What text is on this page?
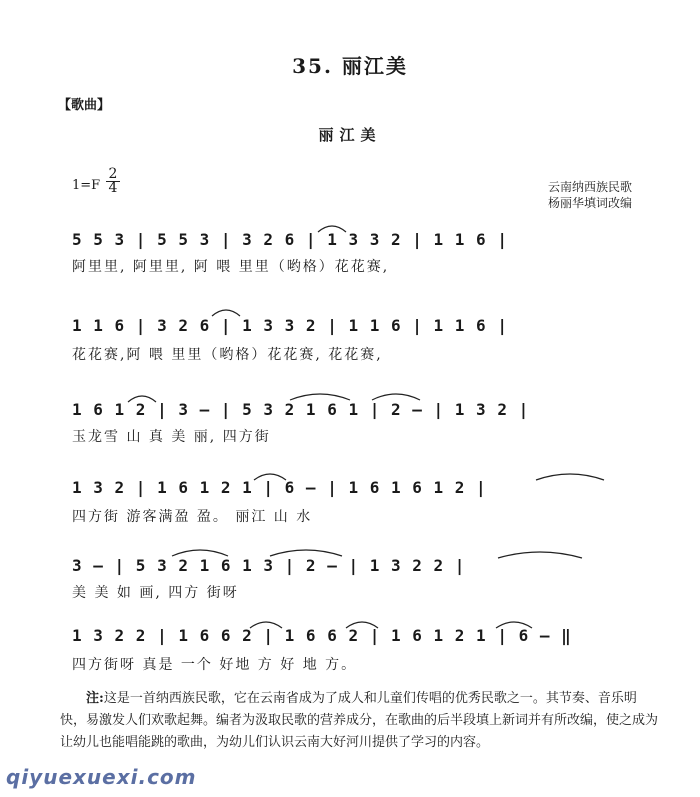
35. 丽江美
【歌曲】
丽江美
$1=F \frac{2}{4}$	云南纳西族民歌
杨丽华填词改编
5 5 3 | 5 5 3 | 3 2 6 | 1 3 3 2 | 1 1 6 |
阿里里, 阿里里, 阿 喂 里里（哟格）花花赛,
1 1 6 | 3 2 6 | 1 3 3 2 | 1 1 6 | 1 1 6 |
花花赛,阿 喂 里里（哟格）花花赛, 花花赛,
1 6 1 2 | 3 — | 5 3 2 1 6 1 | 2 — | 1 3 2 |
玉龙雪 山 真 美 丽, 四方街
1 3 2 | 1 6 1 2 1 | 6 — | 1 6 1 6 1 2 |
四方街 游客满盈 盈。 丽江 山 水
3 — | 5 3 2 1 6 1 3 | 2 — | 1 3 2 2 |
美 美 如 画, 四方 街呀
1 3 2 2 | 1 6 6 2 | 1 6 6 2 | 1 6 1 2 1 | 6 — ‖
四方街呀 真是 一个 好地 方 好 地 方。
注:这是一首纳西族民歌，它在云南省成为了成人和儿童们传唱的优秀民歌之一。其节奏、音乐明快，易激发人们欢歌起舞。编者为汲取民歌的营养成分，在歌曲的后半段填上新词并有所改编，使之成为让幼儿也能唱能跳的歌曲，为幼儿们认识云南大好河川提供了学习的内容。
qiyuexuexi.com
